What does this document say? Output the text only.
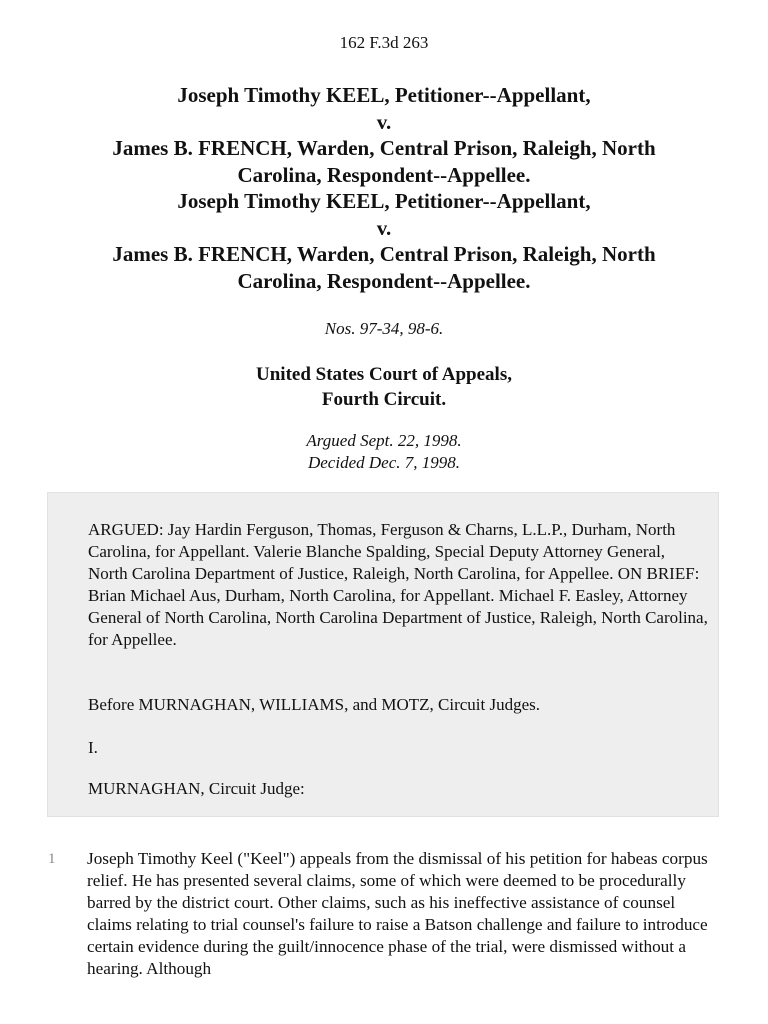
162 F.3d 263
Joseph Timothy KEEL, Petitioner--Appellant,
v.
James B. FRENCH, Warden, Central Prison, Raleigh, North
Carolina, Respondent--Appellee.
Joseph Timothy KEEL, Petitioner--Appellant,
v.
James B. FRENCH, Warden, Central Prison, Raleigh, North
Carolina, Respondent--Appellee.
Nos. 97-34, 98-6.
United States Court of Appeals,
Fourth Circuit.
Argued Sept. 22, 1998.
Decided Dec. 7, 1998.

ARGUED: Jay Hardin Ferguson, Thomas, Ferguson & Charns, L.L.P., Durham, North Carolina, for Appellant. Valerie Blanche Spalding, Special Deputy Attorney General, North Carolina Department of Justice, Raleigh, North Carolina, for Appellee. ON BRIEF: Brian Michael Aus, Durham, North Carolina, for Appellant. Michael F. Easley, Attorney General of North Carolina, North Carolina Department of Justice, Raleigh, North Carolina, for Appellee.

Before MURNAGHAN, WILLIAMS, and MOTZ, Circuit Judges.

I.

MURNAGHAN, Circuit Judge:

1 Joseph Timothy Keel ("Keel") appeals from the dismissal of his petition for habeas corpus relief. He has presented several claims, some of which were deemed to be procedurally barred by the district court. Other claims, such as his ineffective assistance of counsel claims relating to trial counsel's failure to raise a Batson challenge and failure to introduce certain evidence during the guilt/innocence phase of the trial, were dismissed without a hearing. Although
